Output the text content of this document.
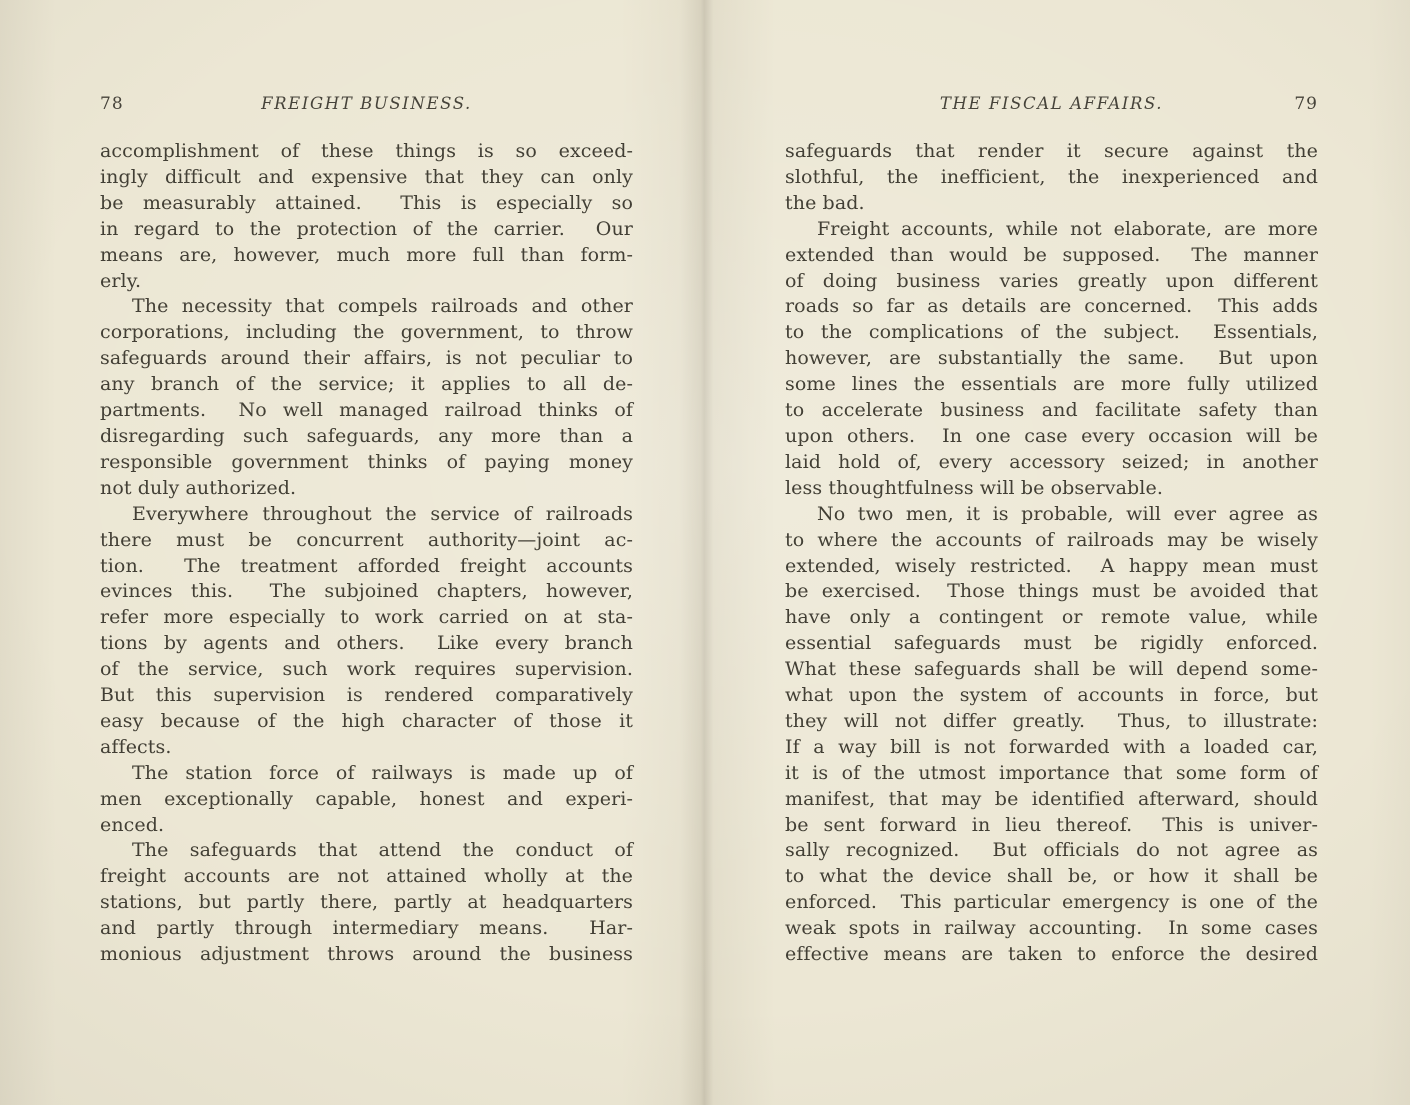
78	FREIGHT BUSINESS.

accomplishment of these things is so exceed-
ingly difficult and expensive that they can only
be measurably attained.  This is especially so
in regard to the protection of the carrier.  Our
means are, however, much more full than form-
erly.

The necessity that compels railroads and other
corporations, including the government, to throw
safeguards around their affairs, is not peculiar to
any branch of the service; it applies to all de-
partments.  No well managed railroad thinks of
disregarding such safeguards, any more than a
responsible government thinks of paying money
not duly authorized.

Everywhere throughout the service of railroads
there must be concurrent authority—joint ac-
tion.  The treatment afforded freight accounts
evinces this.  The subjoined chapters, however,
refer more especially to work carried on at sta-
tions by agents and others.  Like every branch
of the service, such work requires supervision.
But this supervision is rendered comparatively
easy because of the high character of those it
affects.

The station force of railways is made up of
men exceptionally capable, honest and experi-
enced.

The safeguards that attend the conduct of
freight accounts are not attained wholly at the
stations, but partly there, partly at headquarters
and partly through intermediary means.  Har-
monious adjustment throws around the business

THE FISCAL AFFAIRS.	79

safeguards that render it secure against the
slothful, the inefficient, the inexperienced and
the bad.

Freight accounts, while not elaborate, are more
extended than would be supposed.  The manner
of doing business varies greatly upon different
roads so far as details are concerned.  This adds
to the complications of the subject.  Essentials,
however, are substantially the same.  But upon
some lines the essentials are more fully utilized
to accelerate business and facilitate safety than
upon others.  In one case every occasion will be
laid hold of, every accessory seized; in another
less thoughtfulness will be observable.

No two men, it is probable, will ever agree as
to where the accounts of railroads may be wisely
extended, wisely restricted.  A happy mean must
be exercised.  Those things must be avoided that
have only a contingent or remote value, while
essential safeguards must be rigidly enforced.
What these safeguards shall be will depend some-
what upon the system of accounts in force, but
they will not differ greatly.  Thus, to illustrate:
If a way bill is not forwarded with a loaded car,
it is of the utmost importance that some form of
manifest, that may be identified afterward, should
be sent forward in lieu thereof.  This is univer-
sally recognized.  But officials do not agree as
to what the device shall be, or how it shall be
enforced.  This particular emergency is one of the
weak spots in railway accounting.  In some cases
effective means are taken to enforce the desired
